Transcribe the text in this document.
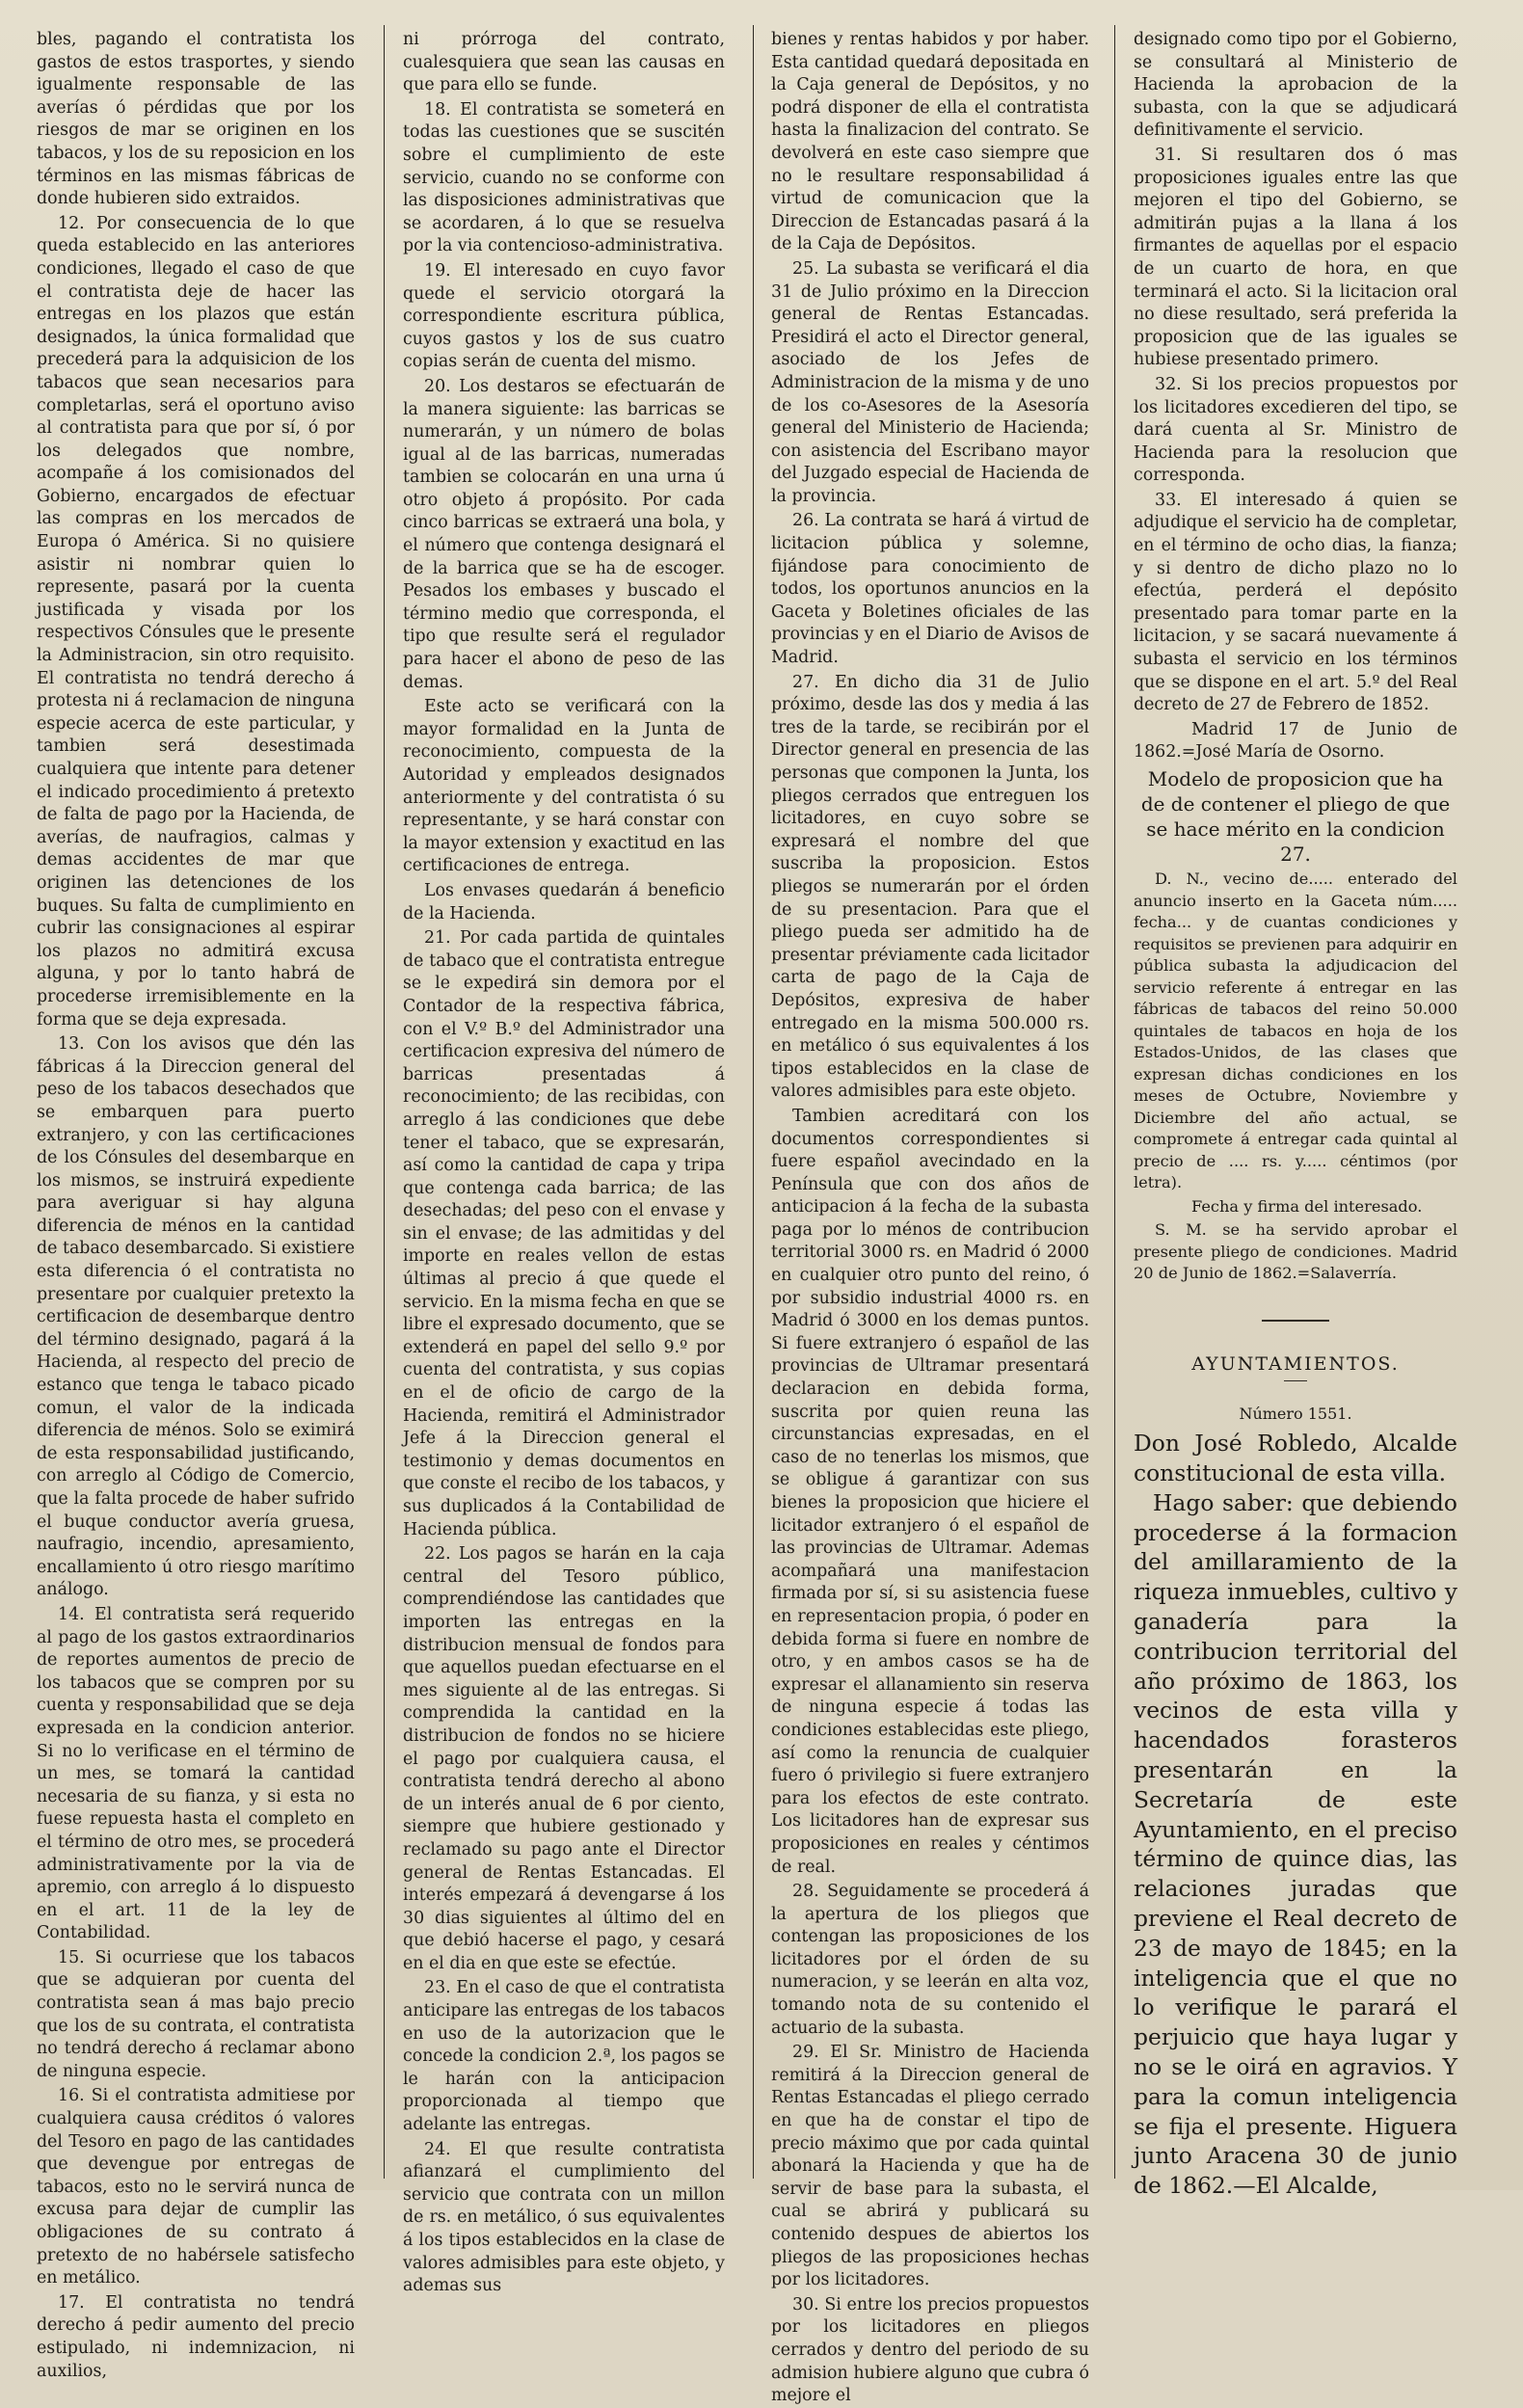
bles, pagando el contratista los gastos de estos trasportes, y siendo igualmente responsable de las averías ó pérdidas que por los riesgos de mar se originen en los tabacos, y los de su reposicion en los términos en las mismas fábricas de donde hubieren sido extraidos.

12. Por consecuencia de lo que queda establecido en las anteriores condiciones, llegado el caso de que el contratista deje de hacer las entregas en los plazos que están designados, la única formalidad que precederá para la adquisicion de los tabacos que sean necesarios para completarlas, será el oportuno aviso al contratista para que por sí, ó por los delegados que nombre, acompañe á los comisionados del Gobierno, encargados de efectuar las compras en los mercados de Europa ó América. Si no quisiere asistir ni nombrar quien lo represente, pasará por la cuenta justificada y visada por los respectivos Cónsules que le presente la Administracion, sin otro requisito. El contratista no tendrá derecho á protesta ni á reclamacion de ninguna especie acerca de este particular, y tambien será desestimada cualquiera que intente para detener el indicado procedimiento á pretexto de falta de pago por la Hacienda, de averías, de naufragios, calmas y demas accidentes de mar que originen las detenciones de los buques. Su falta de cumplimiento en cubrir las consignaciones al espirar los plazos no admitirá excusa alguna, y por lo tanto habrá de procederse irremisiblemente en la forma que se deja expresada.

13. Con los avisos que dén las fábricas á la Direccion general del peso de los tabacos desechados que se embarquen para puerto extranjero, y con las certificaciones de los Cónsules del desembarque en los mismos, se instruirá expediente para averiguar si hay alguna diferencia de ménos en la cantidad de tabaco desembarcado. Si existiere esta diferencia ó el contratista no presentare por cualquier pretexto la certificacion de desembarque dentro del término designado, pagará á la Hacienda, al respecto del precio de estanco que tenga le tabaco picado comun, el valor de la indicada diferencia de ménos. Solo se eximirá de esta responsabilidad justificando, con arreglo al Código de Comercio, que la falta procede de haber sufrido el buque conductor avería gruesa, naufragio, incendio, apresamiento, encallamiento ú otro riesgo marítimo análogo.

14. El contratista será requerido al pago de los gastos extraordinarios de reportes aumentos de precio de los tabacos que se compren por su cuenta y responsabilidad que se deja expresada en la condicion anterior. Si no lo verificase en el término de un mes, se tomará la cantidad necesaria de su fianza, y si esta no fuese repuesta hasta el completo en el término de otro mes, se procederá administrativamente por la via de apremio, con arreglo á lo dispuesto en el art. 11 de la ley de Contabilidad.

15. Si ocurriese que los tabacos que se adquieran por cuenta del contratista sean á mas bajo precio que los de su contrata, el contratista no tendrá derecho á reclamar abono de ninguna especie.

16. Si el contratista admitiese por cualquiera causa créditos ó valores del Tesoro en pago de las cantidades que devengue por entregas de tabacos, esto no le servirá nunca de excusa para dejar de cumplir las obligaciones de su contrato á pretexto de no habérsele satisfecho en metálico.

17. El contratista no tendrá derecho á pedir aumento del precio estipulado, ni indemnizacion, ni auxilios,

ni prórroga del contrato, cualesquiera que sean las causas en que para ello se funde.

18. El contratista se someterá en todas las cuestiones que se suscitén sobre el cumplimiento de este servicio, cuando no se conforme con las disposiciones administrativas que se acordaren, á lo que se resuelva por la via contencioso-administrativa.

19. El interesado en cuyo favor quede el servicio otorgará la correspondiente escritura pública, cuyos gastos y los de sus cuatro copias serán de cuenta del mismo.

20. Los destaros se efectuarán de la manera siguiente: las barricas se numerarán, y un número de bolas igual al de las barricas, numeradas tambien se colocarán en una urna ú otro objeto á propósito. Por cada cinco barricas se extraerá una bola, y el número que contenga designará el de la barrica que se ha de escoger. Pesados los embases y buscado el término medio que corresponda, el tipo que resulte será el regulador para hacer el abono de peso de las demas.

Este acto se verificará con la mayor formalidad en la Junta de reconocimiento, compuesta de la Autoridad y empleados designados anteriormente y del contratista ó su representante, y se hará constar con la mayor extension y exactitud en las certificaciones de entrega.

Los envases quedarán á beneficio de la Hacienda.

21. Por cada partida de quintales de tabaco que el contratista entregue se le expedirá sin demora por el Contador de la respectiva fábrica, con el V.º B.º del Administrador una certificacion expresiva del número de barricas presentadas á reconocimiento; de las recibidas, con arreglo á las condiciones que debe tener el tabaco, que se expresarán, así como la cantidad de capa y tripa que contenga cada barrica; de las desechadas; del peso con el envase y sin el envase; de las admitidas y del importe en reales vellon de estas últimas al precio á que quede el servicio. En la misma fecha en que se libre el expresado documento, que se extenderá en papel del sello 9.º por cuenta del contratista, y sus copias en el de oficio de cargo de la Hacienda, remitirá el Administrador Jefe á la Direccion general el testimonio y demas documentos en que conste el recibo de los tabacos, y sus duplicados á la Contabilidad de Hacienda pública.

22. Los pagos se harán en la caja central del Tesoro público, comprendiéndose las cantidades que importen las entregas en la distribucion mensual de fondos para que aquellos puedan efectuarse en el mes siguiente al de las entregas. Si comprendida la cantidad en la distribucion de fondos no se hiciere el pago por cualquiera causa, el contratista tendrá derecho al abono de un interés anual de 6 por ciento, siempre que hubiere gestionado y reclamado su pago ante el Director general de Rentas Estancadas. El interés empezará á devengarse á los 30 dias siguientes al último del en que debió hacerse el pago, y cesará en el dia en que este se efectúe.

23. En el caso de que el contratista anticipare las entregas de los tabacos en uso de la autorizacion que le concede la condicion 2.ª, los pagos se le harán con la anticipacion proporcionada al tiempo que adelante las entregas.

24. El que resulte contratista afianzará el cumplimiento del servicio que contrata con un millon de rs. en metálico, ó sus equivalentes á los tipos establecidos en la clase de valores admisibles para este objeto, y ademas sus

bienes y rentas habidos y por haber. Esta cantidad quedará depositada en la Caja general de Depósitos, y no podrá disponer de ella el contratista hasta la finalizacion del contrato. Se devolverá en este caso siempre que no le resultare responsabilidad á virtud de comunicacion que la Direccion de Estancadas pasará á la de la Caja de Depósitos.

25. La subasta se verificará el dia 31 de Julio próximo en la Direccion general de Rentas Estancadas. Presidirá el acto el Director general, asociado de los Jefes de Administracion de la misma y de uno de los co-Asesores de la Asesoría general del Ministerio de Hacienda; con asistencia del Escribano mayor del Juzgado especial de Hacienda de la provincia.

26. La contrata se hará á virtud de licitacion pública y solemne, fijándose para conocimiento de todos, los oportunos anuncios en la Gaceta y Boletines oficiales de las provincias y en el Diario de Avisos de Madrid.

27. En dicho dia 31 de Julio próximo, desde las dos y media á las tres de la tarde, se recibirán por el Director general en presencia de las personas que componen la Junta, los pliegos cerrados que entreguen los licitadores, en cuyo sobre se expresará el nombre del que suscriba la proposicion. Estos pliegos se numerarán por el órden de su presentacion. Para que el pliego pueda ser admitido ha de presentar préviamente cada licitador carta de pago de la Caja de Depósitos, expresiva de haber entregado en la misma 500.000 rs. en metálico ó sus equivalentes á los tipos establecidos en la clase de valores admisibles para este objeto.

Tambien acreditará con los documentos correspondientes si fuere español avecindado en la Península que con dos años de anticipacion á la fecha de la subasta paga por lo ménos de contribucion territorial 3000 rs. en Madrid ó 2000 en cualquier otro punto del reino, ó por subsidio industrial 4000 rs. en Madrid ó 3000 en los demas puntos. Si fuere extranjero ó español de las provincias de Ultramar presentará declaracion en debida forma, suscrita por quien reuna las circunstancias expresadas, en el caso de no tenerlas los mismos, que se obligue á garantizar con sus bienes la proposicion que hiciere el licitador extranjero ó el español de las provincias de Ultramar. Ademas acompañará una manifestacion firmada por sí, si su asistencia fuese en representacion propia, ó poder en debida forma si fuere en nombre de otro, y en ambos casos se ha de expresar el allanamiento sin reserva de ninguna especie á todas las condiciones establecidas este pliego, así como la renuncia de cualquier fuero ó privilegio si fuere extranjero para los efectos de este contrato. Los licitadores han de expresar sus proposiciones en reales y céntimos de real.

28. Seguidamente se procederá á la apertura de los pliegos que contengan las proposiciones de los licitadores por el órden de su numeracion, y se leerán en alta voz, tomando nota de su contenido el actuario de la subasta.

29. El Sr. Ministro de Hacienda remitirá á la Direccion general de Rentas Estancadas el pliego cerrado en que ha de constar el tipo de precio máximo que por cada quintal abonará la Hacienda y que ha de servir de base para la subasta, el cual se abrirá y publicará su contenido despues de abiertos los pliegos de las proposiciones hechas por los licitadores.

30. Si entre los precios propuestos por los licitadores en pliegos cerrados y dentro del periodo de su admision hubiere alguno que cubra ó mejore el

designado como tipo por el Gobierno, se consultará al Ministerio de Hacienda la aprobacion de la subasta, con la que se adjudicará definitivamente el servicio.

31. Si resultaren dos ó mas proposiciones iguales entre las que mejoren el tipo del Gobierno, se admitirán pujas a la llana á los firmantes de aquellas por el espacio de un cuarto de hora, en que terminará el acto. Si la licitacion oral no diese resultado, será preferida la proposicion que de las iguales se hubiese presentado primero.

32. Si los precios propuestos por los licitadores excedieren del tipo, se dará cuenta al Sr. Ministro de Hacienda para la resolucion que corresponda.

33. El interesado á quien se adjudique el servicio ha de completar, en el término de ocho dias, la fianza; y si dentro de dicho plazo no lo efectúa, perderá el depósito presentado para tomar parte en la licitacion, y se sacará nuevamente á subasta el servicio en los términos que se dispone en el art. 5.º del Real decreto de 27 de Febrero de 1852.

Madrid 17 de Junio de 1862.=José María de Osorno.

Modelo de proposicion que ha de de contener el pliego de que se hace mérito en la condicion 27.

D. N., vecino de..... enterado del anuncio inserto en la Gaceta núm..... fecha... y de cuantas condiciones y requisitos se previenen para adquirir en pública subasta la adjudicacion del servicio referente á entregar en las fábricas de tabacos del reino 50.000 quintales de tabacos en hoja de los Estados-Unidos, de las clases que expresan dichas condiciones en los meses de Octubre, Noviembre y Diciembre del año actual, se compromete á entregar cada quintal al precio de .... rs. y..... céntimos (por letra).

Fecha y firma del interesado.

S. M. se ha servido aprobar el presente pliego de condiciones. Madrid 20 de Junio de 1862.=Salaverría.

AYUNTAMIENTOS.
Número 1551.

Don José Robledo, Alcalde constitucional de esta villa.

Hago saber: que debiendo procederse á la formacion del amillaramiento de la riqueza inmuebles, cultivo y ganadería para la contribucion territorial del año próximo de 1863, los vecinos de esta villa y hacendados forasteros presentarán en la Secretaría de este Ayuntamiento, en el preciso término de quince dias, las relaciones juradas que previene el Real decreto de 23 de mayo de 1845; en la inteligencia que el que no lo verifique le parará el perjuicio que haya lugar y no se le oirá en agravios. Y para la comun inteligencia se fija el presente. Higuera junto Aracena 30 de junio de 1862.—El Alcalde,
